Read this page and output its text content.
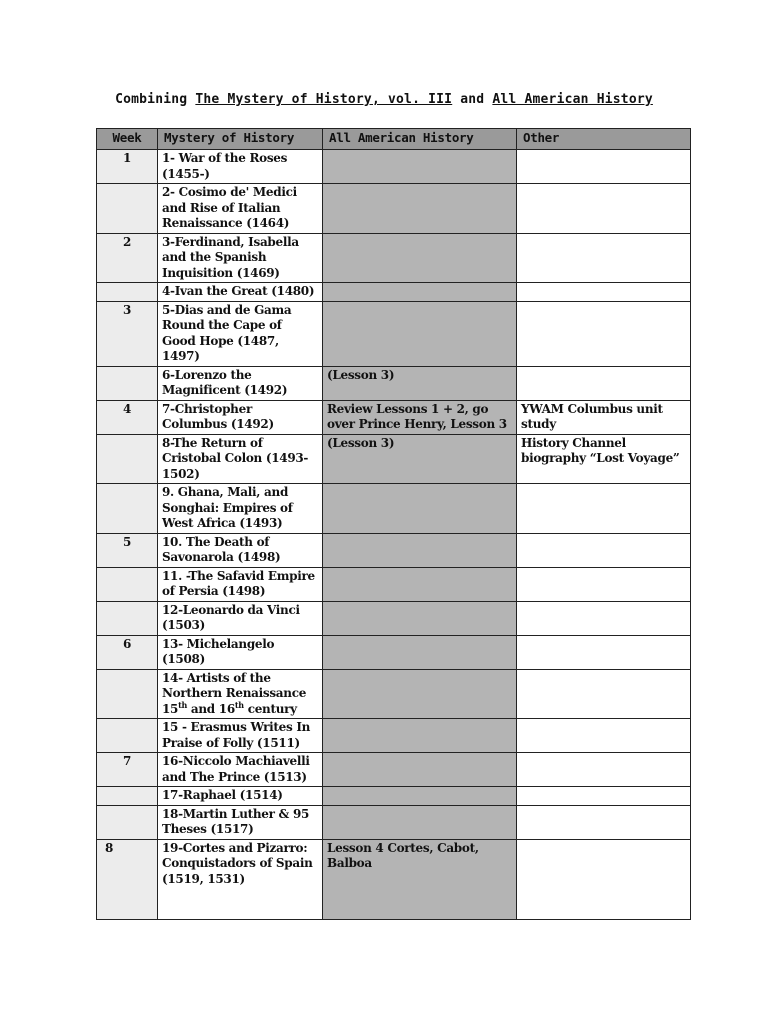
Combining The Mystery of History, vol. III and All American History
Week	Mystery of History	All American History	Other
1	1- War of the Roses (1455-)		
	2- Cosimo de' Medici and Rise of Italian Renaissance (1464)		
2	3-Ferdinand, Isabella and the Spanish Inquisition (1469)		
	4-Ivan the Great (1480)		
3	5-Dias and de Gama Round the Cape of Good Hope (1487, 1497)		
	6-Lorenzo the Magnificent (1492)	(Lesson 3)	
4	7-Christopher Columbus (1492)	Review Lessons 1 + 2, go over Prince Henry, Lesson 3	YWAM Columbus unit study
	8-The Return of Cristobal Colon (1493-1502)	(Lesson 3)	History Channel biography “Lost Voyage”
	9. Ghana, Mali, and Songhai: Empires of West Africa (1493)		
5	10. The Death of Savonarola (1498)		
	11. -The Safavid Empire of Persia (1498)		
	12-Leonardo da Vinci (1503)		
6	13- Michelangelo (1508)		
	14- Artists of the Northern Renaissance 15th and 16th century		
	15 - Erasmus Writes In Praise of Folly (1511)		
7	16-Niccolo Machiavelli and The Prince (1513)		
	17-Raphael (1514)		
	18-Martin Luther & 95 Theses (1517)		
8	19-Cortes and Pizarro: Conquistadors of Spain (1519, 1531)	Lesson 4 Cortes, Cabot, Balboa	
